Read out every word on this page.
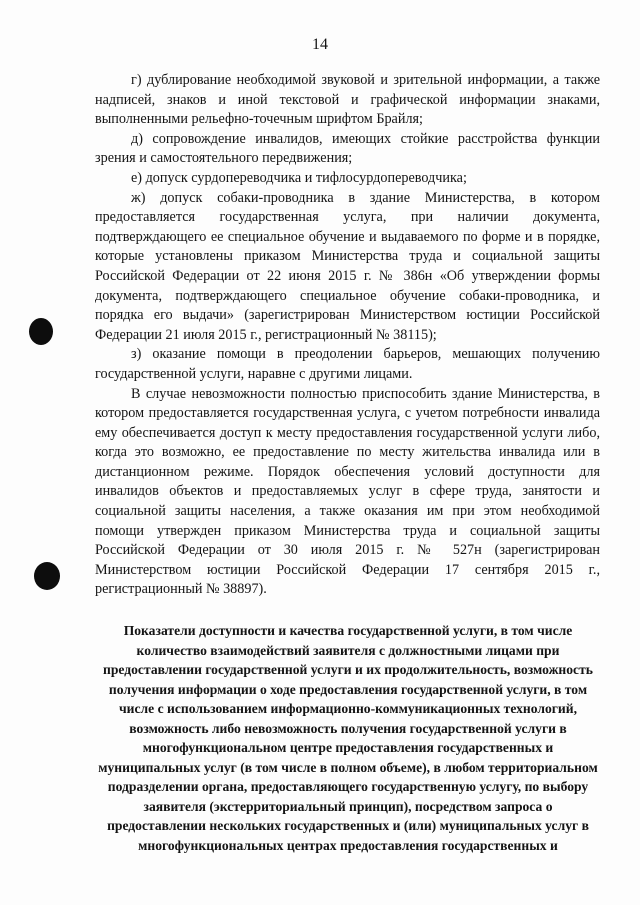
14

г) дублирование необходимой звуковой и зрительной информации, а также надписей, знаков и иной текстовой и графической информации знаками, выполненными рельефно-точечным шрифтом Брайля;

д) сопровождение инвалидов, имеющих стойкие расстройства функции зрения и самостоятельного передвижения;

е) допуск сурдопереводчика и тифлосурдопереводчика;

ж) допуск собаки-проводника в здание Министерства, в котором предоставляется государственная услуга, при наличии документа, подтверждающего ее специальное обучение и выдаваемого по форме и в порядке, которые установлены приказом Министерства труда и социальной защиты Российской Федерации от 22 июня 2015 г. № 386н «Об утверждении формы документа, подтверждающего специальное обучение собаки-проводника, и порядка его выдачи» (зарегистрирован Министерством юстиции Российской Федерации 21 июля 2015 г., регистрационный № 38115);

з) оказание помощи в преодолении барьеров, мешающих получению государственной услуги, наравне с другими лицами.

В случае невозможности полностью приспособить здание Министерства, в котором предоставляется государственная услуга, с учетом потребности инвалида ему обеспечивается доступ к месту предоставления государственной услуги либо, когда это возможно, ее предоставление по месту жительства инвалида или в дистанционном режиме. Порядок обеспечения условий доступности для инвалидов объектов и предоставляемых услуг в сфере труда, занятости и социальной защиты населения, а также оказания им при этом необходимой помощи утвержден приказом Министерства труда и социальной защиты Российской Федерации от 30 июля 2015 г. № 527н (зарегистрирован Министерством юстиции Российской Федерации 17 сентября 2015 г., регистрационный № 38897).

Показатели доступности и качества государственной услуги, в том числе количество взаимодействий заявителя с должностными лицами при предоставлении государственной услуги и их продолжительность, возможность получения информации о ходе предоставления государственной услуги, в том числе с использованием информационно-коммуникационных технологий, возможность либо невозможность получения государственной услуги в многофункциональном центре предоставления государственных и муниципальных услуг (в том числе в полном объеме), в любом территориальном подразделении органа, предоставляющего государственную услугу, по выбору заявителя (экстерриториальный принцип), посредством запроса о предоставлении нескольких государственных и (или) муниципальных услуг в многофункциональных центрах предоставления государственных и
